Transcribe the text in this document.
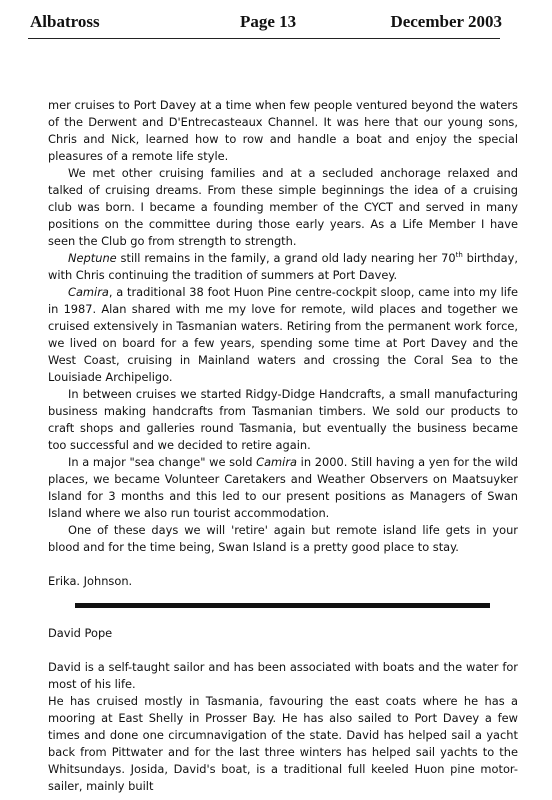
Albatross	Page 13	December 2003

mer cruises to Port Davey at a time when few people ventured beyond the waters of the Derwent and D'Entrecasteaux Channel. It was here that our young sons, Chris and Nick, learned how to row and handle a boat and enjoy the special pleasures of a remote life style.

We met other cruising families and at a secluded anchorage relaxed and talked of cruising dreams. From these simple beginnings the idea of a cruising club was born. I became a founding member of the CYCT and served in many positions on the committee during those early years. As a Life Member I have seen the Club go from strength to strength.

Neptune still remains in the family, a grand old lady nearing her 70th birthday, with Chris continuing the tradition of summers at Port Davey.

Camira, a traditional 38 foot Huon Pine centre-cockpit sloop, came into my life in 1987. Alan shared with me my love for remote, wild places and together we cruised extensively in Tasmanian waters. Retiring from the permanent work force, we lived on board for a few years, spending some time at Port Davey and the West Coast, cruising in Mainland waters and crossing the Coral Sea to the Louisiade Archipeligo.

In between cruises we started Ridgy-Didge Handcrafts, a small manufacturing business making handcrafts from Tasmanian timbers. We sold our products to craft shops and galleries round Tasmania, but eventually the business became too successful and we decided to retire again.

In a major "sea change" we sold Camira in 2000. Still having a yen for the wild places, we became Volunteer Caretakers and Weather Observers on Maatsuyker Island for 3 months and this led to our present positions as Managers of Swan Island where we also run tourist accommodation.

One of these days we will 'retire' again but remote island life gets in your blood and for the time being, Swan Island is a pretty good place to stay.

Erika. Johnson.

David Pope

David is a self-taught sailor and has been associated with boats and the water for most of his life.

He has cruised mostly in Tasmania, favouring the east coats where he has a mooring at East Shelly in Prosser Bay. He has also sailed to Port Davey a few times and done one circumnavigation of the state. David has helped sail a yacht back from Pittwater and for the last three winters has helped sail yachts to the Whitsundays. Josida, David's boat, is a traditional full keeled Huon pine motor-sailer, mainly built
